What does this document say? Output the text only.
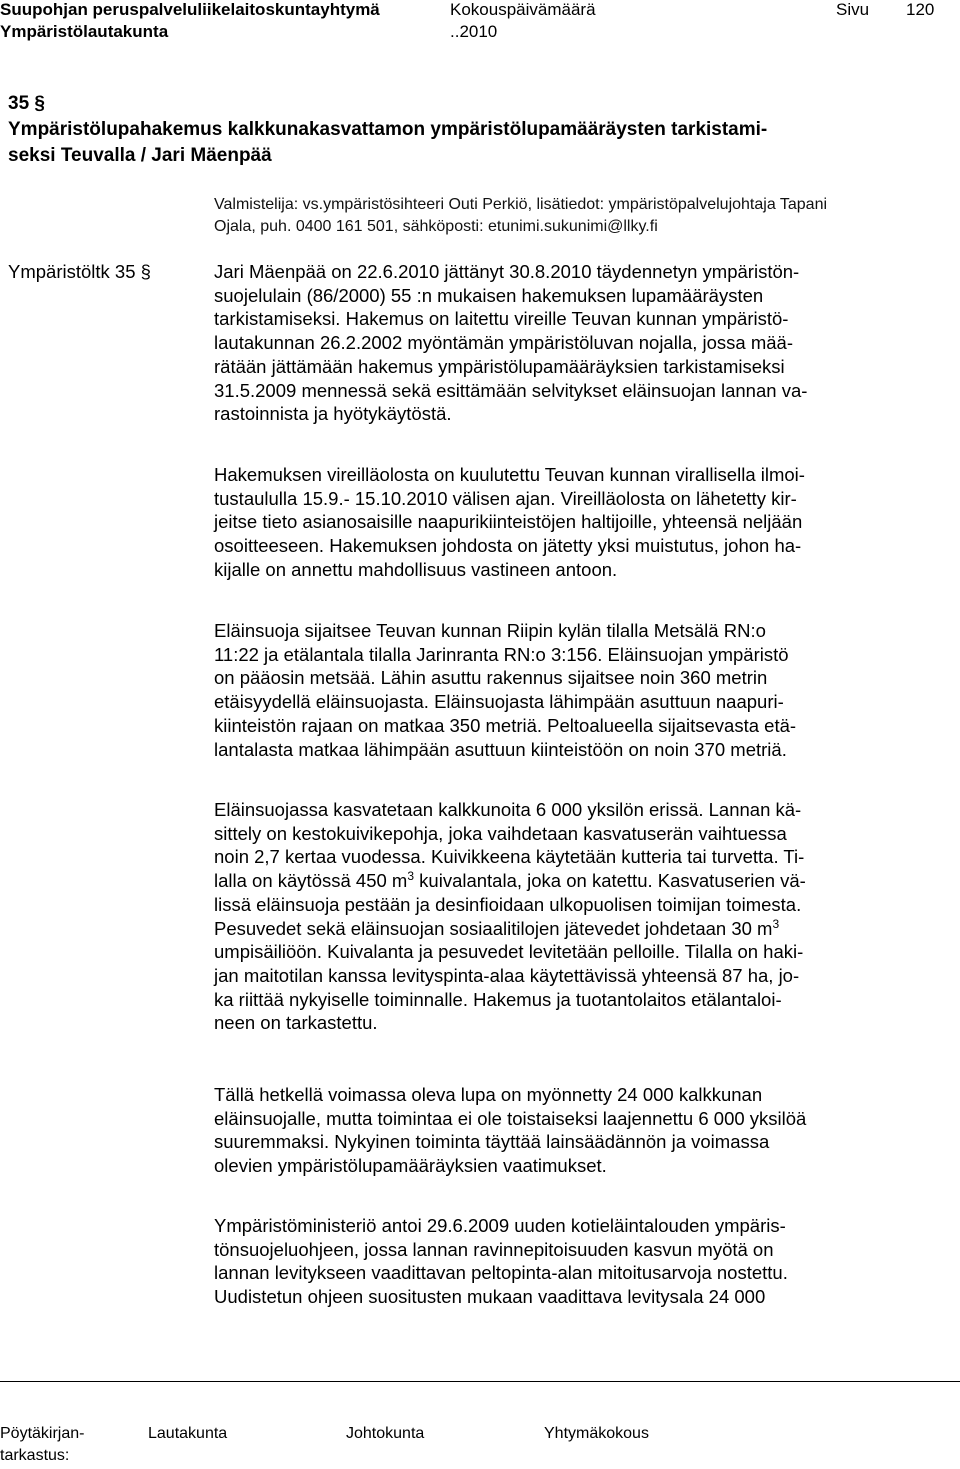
Suupohjan peruspalveluliikelaitoskuntayhtymä	Kokouspäivämäärä	Sivu 120
Ympäristölautakunta	..2010
35 §
Ympäristölupahakemus kalkkunakasvattamon ympäristölupamääräysten tarkistami-
seksi Teuvalla / Jari Mäenpää
Valmistelija: vs.ympäristösihteeri Outi Perkiö, lisätiedot: ympäristöpalvelujohtaja Tapani
Ojala, puh. 0400 161 501, sähköposti: etunimi.sukunimi@llky.fi
Ympäristöltk 35 §	Jari Mäenpää on 22.6.2010 jättänyt 30.8.2010 täydennetyn ympäristön-
suojelulain (86/2000) 55 :n mukaisen hakemuksen lupamääräysten
tarkistamiseksi. Hakemus on laitettu vireille Teuvan kunnan ympäristö-
lautakunnan 26.2.2002 myöntämän ympäristöluvan nojalla, jossa mää-
rätään jättämään hakemus ympäristölupamääräyksien tarkistamiseksi
31.5.2009 mennessä sekä esittämään selvitykset eläinsuojan lannan va-
rastoinnista ja hyötykäytöstä.
Hakemuksen vireilläolosta on kuulutettu Teuvan kunnan virallisella ilmoi-
tustaululla 15.9.- 15.10.2010 välisen ajan. Vireilläolosta on lähetetty kir-
jeitse tieto asianosaisille naapurikiinteistöjen haltijoille, yhteensä neljään
osoitteeseen. Hakemuksen johdosta on jätetty yksi muistutus, johon ha-
kijalle on annettu mahdollisuus vastineen antoon.
Eläinsuoja sijaitsee Teuvan kunnan Riipin kylän tilalla Metsälä RN:o
11:22 ja etälantala tilalla Jarinranta RN:o 3:156. Eläinsuojan ympäristö
on pääosin metsää. Lähin asuttu rakennus sijaitsee noin 360 metrin
etäisyydellä eläinsuojasta. Eläinsuojasta lähimpään asuttuun naapuri-
kiinteistön rajaan on matkaa 350 metriä. Peltoalueella sijaitsevasta etä-
lantalasta matkaa lähimpään asuttuun kiinteistöön on noin 370 metriä.
Eläinsuojassa kasvatetaan kalkkunoita 6 000 yksilön erissä. Lannan kä-
sittely on kestokuivikepohja, joka vaihdetaan kasvatuserän vaihtuessa
noin 2,7 kertaa vuodessa. Kuivikkeena käytetään kutteria tai turvetta. Ti-
lalla on käytössä 450 $m^3$ kuivalantala, joka on katettu. Kasvatuserien vä-
lissä eläinsuoja pestään ja desinfioidaan ulkopuolisen toimijan toimesta.
Pesuvedet sekä eläinsuojan sosiaalitilojen jätevedet johdetaan 30 $m^3$
umpisäiliöön. Kuivalanta ja pesuvedet levitetään pelloille. Tilalla on haki-
jan maitotilan kanssa levityspinta-alaa käytettävissä yhteensä 87 ha, jo-
ka riittää nykyiselle toiminnalle. Hakemus ja tuotantolaitos etälantaloi-
neen on tarkastettu.
Tällä hetkellä voimassa oleva lupa on myönnetty 24 000 kalkkunan
eläinsuojalle, mutta toimintaa ei ole toistaiseksi laajennettu 6 000 yksilöä
suuremmaksi. Nykyinen toiminta täyttää lainsäädännön ja voimassa
olevien ympäristölupamääräyksien vaatimukset.
Ympäristöministeriö antoi 29.6.2009 uuden kotieläintalouden ympäris-
tönsuojeluohjeen, jossa lannan ravinnepitoisuuden kasvun myötä on
lannan levitykseen vaadittavan peltopinta-alan mitoitusarvoja nostettu.
Uudistetun ohjeen suositusten mukaan vaadittava levitysala 24 000
Pöytäkirjan-
tarkastus:
Lautakunta	Johtokunta	Yhtymäkokous
